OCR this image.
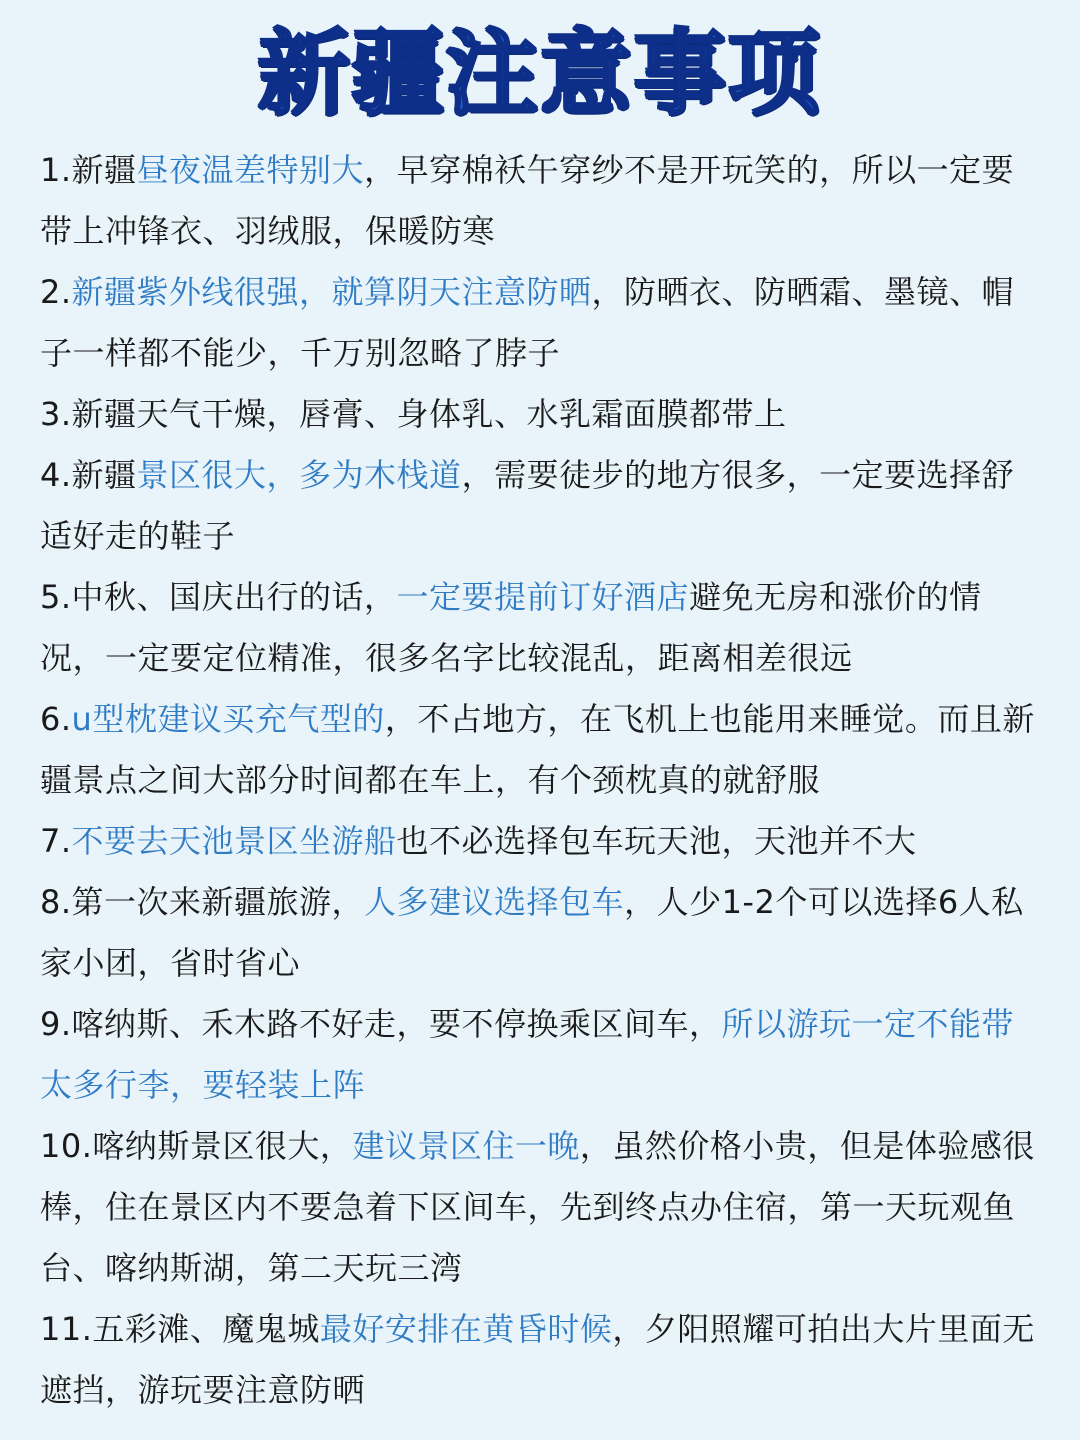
新疆注意事项

1.新疆昼夜温差特别大，早穿棉袄午穿纱不是开玩笑的，所以一定要带上冲锋衣、羽绒服，保暖防寒

2.新疆紫外线很强，就算阴天注意防晒，防晒衣、防晒霜、墨镜、帽子一样都不能少，千万别忽略了脖子

3.新疆天气干燥，唇膏、身体乳、水乳霜面膜都带上

4.新疆景区很大，多为木栈道，需要徒步的地方很多，一定要选择舒适好走的鞋子

5.中秋、国庆出行的话，一定要提前订好酒店避免无房和涨价的情况，一定要定位精准，很多名字比较混乱，距离相差很远

6.u型枕建议买充气型的，不占地方，在飞机上也能用来睡觉。而且新疆景点之间大部分时间都在车上，有个颈枕真的就舒服

7.不要去天池景区坐游船也不必选择包车玩天池，天池并不大

8.第一次来新疆旅游，人多建议选择包车，人少1-2个可以选择6人私家小团，省时省心

9.喀纳斯、禾木路不好走，要不停换乘区间车，所以游玩一定不能带太多行李，要轻装上阵

10.喀纳斯景区很大，建议景区住一晚，虽然价格小贵，但是体验感很棒，住在景区内不要急着下区间车，先到终点办住宿，第一天玩观鱼台、喀纳斯湖，第二天玩三湾

11.五彩滩、魔鬼城最好安排在黄昏时候，夕阳照耀可拍出大片里面无遮挡，游玩要注意防晒
